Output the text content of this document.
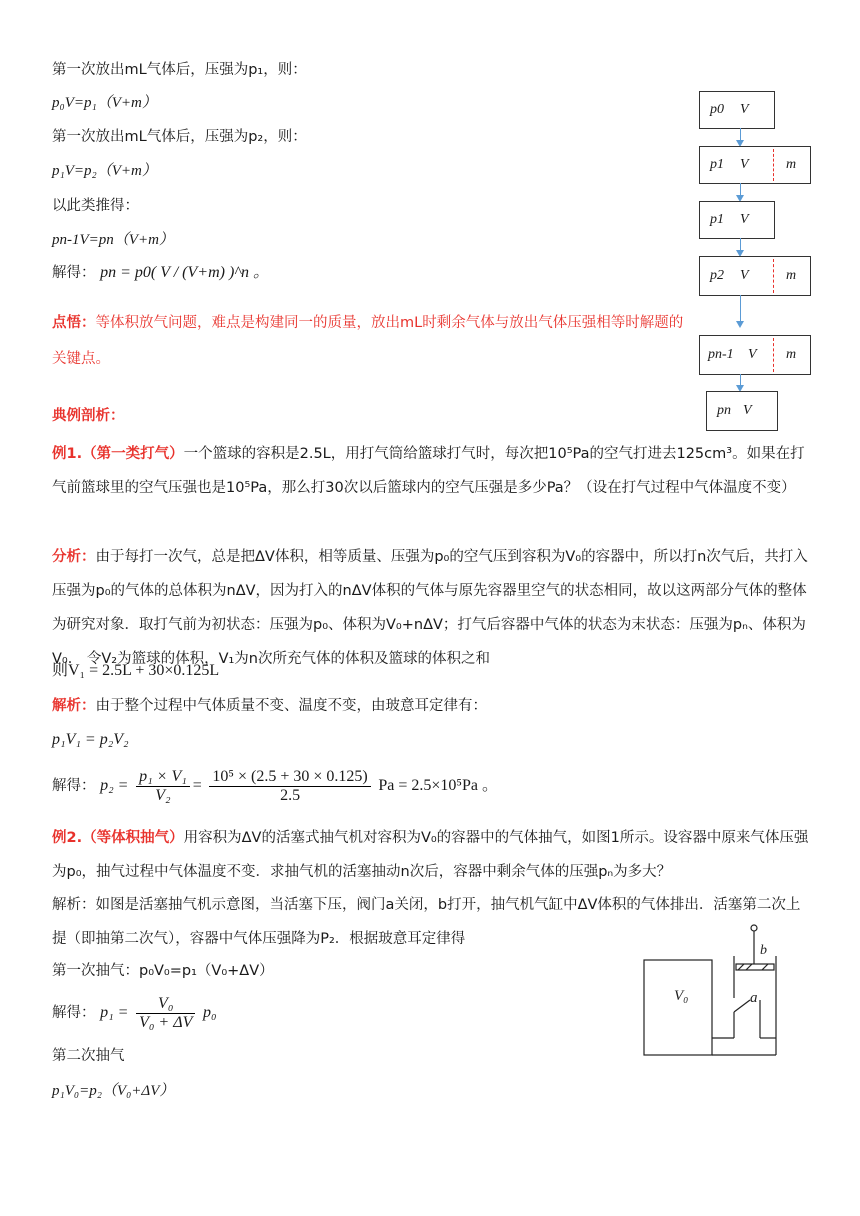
第一次放出mL气体后，压强为p₁，则：
p₀V=p₁（V+m）
第一次放出mL气体后，压强为p₂，则：
p₁V=p₂（V+m）
以此类推得：
pn-1V=pn（V+m）
解得： pn = p0( V / (V+m) )^n 。
点悟：等体积放气问题，难点是构建同一的质量，放出mL时剩余气体与放出气体压强相等时解题的关键点。
p0 V
p1 V	m
p1 V
p2 V	m
pn-1 V m
pn V
典例剖析：
例1.（第一类打气）一个篮球的容积是2.5L，用打气筒给篮球打气时，每次把10⁵Pa的空气打进去125cm³。如果在打气前篮球里的空气压强也是10⁵Pa，那么打30次以后篮球内的空气压强是多少Pa？（设在打气过程中气体温度不变）
分析：由于每打一次气，总是把ΔV体积，相等质量、压强为p₀的空气压到容积为V₀的容器中，所以打n次气后，共打入压强为p₀的气体的总体积为nΔV，因为打入的nΔV体积的气体与原先容器里空气的状态相同，故以这两部分气体的整体为研究对象．取打气前为初状态：压强为p₀、体积为V₀+nΔV；打气后容器中气体的状态为末状态：压强为pₙ、体积为V₀． 令V₂为篮球的体积，V₁为n次所充气体的体积及篮球的体积之和
则V₁ = 2.5L + 30×0.125L
解析：由于整个过程中气体质量不变、温度不变，由玻意耳定律有：
p₁V₁ = p₂V₂
解得： $p_2 = \frac{\text{p₁ × V₁}}{\text{V₂}} = \frac{\text{10⁵ × (2.5 + 30 × 0.125)}}{2.5}$ Pa = 2.5×10⁵Pa 。
例2.（等体积抽气）用容积为ΔV的活塞式抽气机对容积为V₀的容器中的气体抽气，如图1所示。设容器中原来气体压强为p₀，抽气过程中气体温度不变．求抽气机的活塞抽动n次后，容器中剩余气体的压强pₙ为多大？
解析：如图是活塞抽气机示意图，当活塞下压，阀门a关闭，b打开，抽气机气缸中ΔV体积的气体排出．活塞第二次上提（即抽第二次气），容器中气体压强降为P₂．根据玻意耳定律得
第一次抽气：p₀V₀=p₁（V₀+ΔV）
解得： $p_1 = \frac{\text{V₀}}{\text{V₀ + ΔV}} p_0$
第二次抽气
p₁V₀=p₂（V₀+ΔV）
V₀	a
b
